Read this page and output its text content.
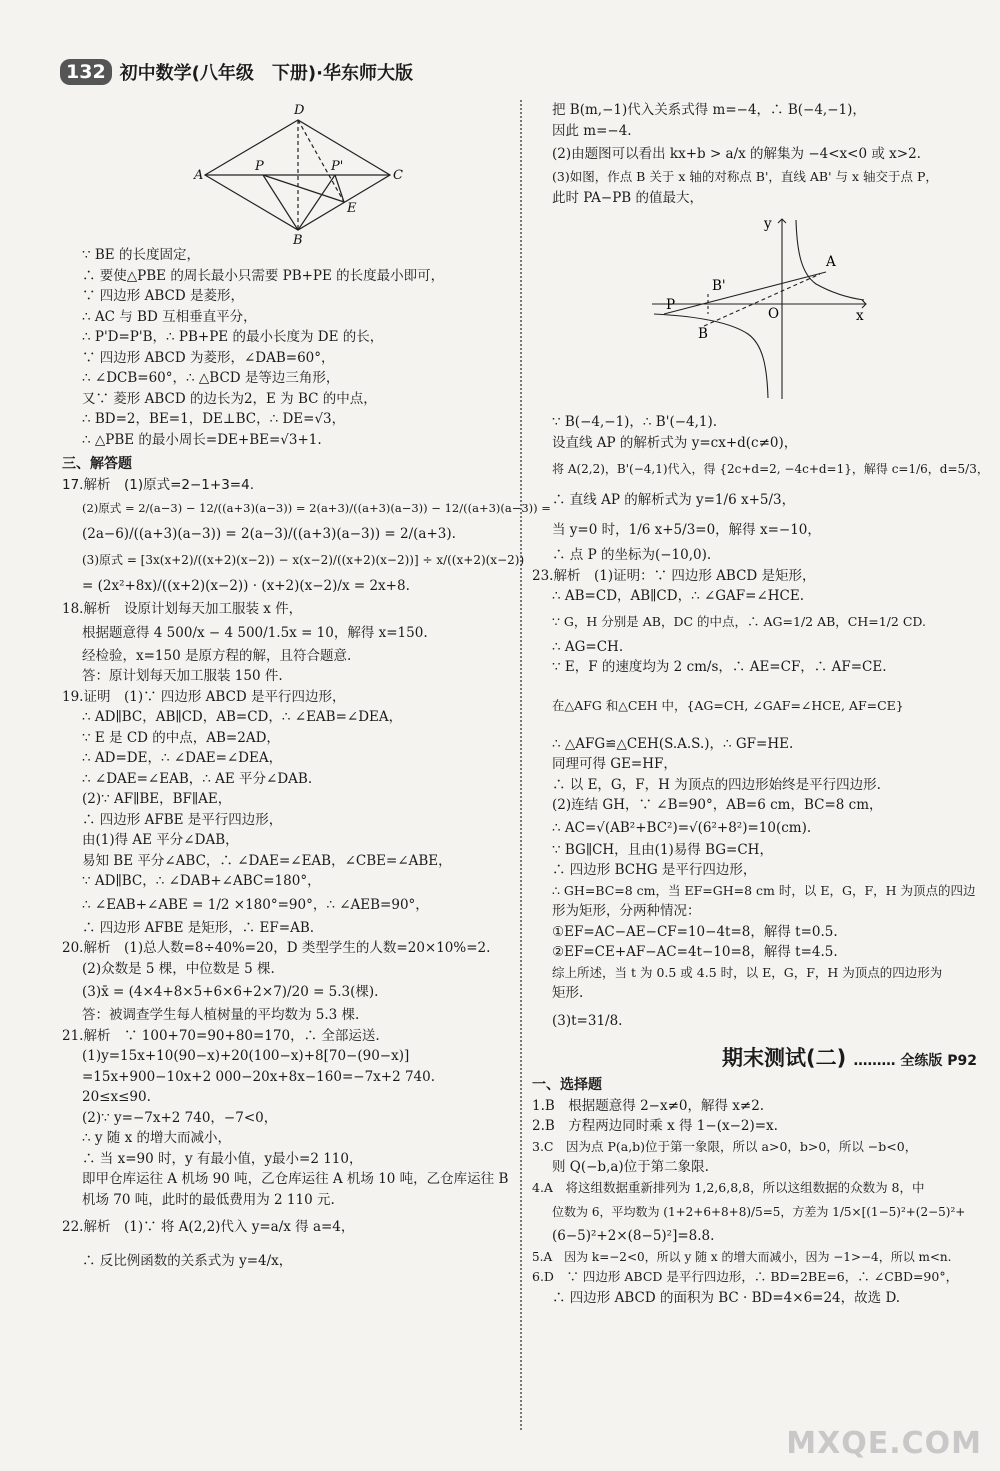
132 初中数学(八年级　下册)·华东师大版
D
A
P	P'
C
E
B
∵ BE 的长度固定，
∴ 要使△PBE 的周长最小只需要 PB+PE 的长度最小即可，
∵ 四边形 ABCD 是菱形，
∴ AC 与 BD 互相垂直平分，
∴ P'D=P'B，∴ PB+PE 的最小长度为 DE 的长，
∵ 四边形 ABCD 为菱形，∠DAB=60°，
∴ ∠DCB=60°，∴ △BCD 是等边三角形，
又∵ 菱形 ABCD 的边长为2，E 为 BC 的中点，
∴ BD=2，BE=1，DE⊥BC，∴ DE=√3，
∴ △PBE 的最小周长=DE+BE=√3+1.
三、解答题
17.解析　(1)原式=2−1+3=4.
(2)原式 = 2/(a−3) − 12/((a+3)(a−3)) = 2(a+3)/((a+3)(a−3)) − 12/((a+3)(a−3)) =
(2a−6)/((a+3)(a−3)) = 2(a−3)/((a+3)(a−3)) = 2/(a+3).
(3)原式 = [3x(x+2)/((x+2)(x−2)) − x(x−2)/((x+2)(x−2))] ÷ x/((x+2)(x−2))
= (2x²+8x)/((x+2)(x−2)) · (x+2)(x−2)/x = 2x+8.
18.解析　设原计划每天加工服装 x 件，
根据题意得 4 500/x − 4 500/1.5x = 10，解得 x=150.
经检验，x=150 是原方程的解，且符合题意.
答：原计划每天加工服装 150 件.
19.证明　(1)∵ 四边形 ABCD 是平行四边形，
∴ AD∥BC，AB∥CD，AB=CD，∴ ∠EAB=∠DEA，
∵ E 是 CD 的中点，AB=2AD，
∴ AD=DE，∴ ∠DAE=∠DEA，
∴ ∠DAE=∠EAB，∴ AE 平分∠DAB.
(2)∵ AF∥BE，BF∥AE，
∴ 四边形 AFBE 是平行四边形，
由(1)得 AE 平分∠DAB，
易知 BE 平分∠ABC，∴ ∠DAE=∠EAB，∠CBE=∠ABE，
∵ AD∥BC，∴ ∠DAB+∠ABC=180°，
∴ ∠EAB+∠ABE = 1/2 ×180°=90°，∴ ∠AEB=90°，
∴ 四边形 AFBE 是矩形，∴ EF=AB.
20.解析　(1)总人数=8÷40%=20，D 类型学生的人数=20×10%=2.
(2)众数是 5 棵，中位数是 5 棵.
(3)x̄ = (4×4+8×5+6×6+2×7)/20 = 5.3(棵).
答：被调查学生每人植树量的平均数为 5.3 棵.
21.解析　∵ 100+70=90+80=170，∴ 全部运送.
(1)y=15x+10(90−x)+20(100−x)+8[70−(90−x)]
=15x+900−10x+2 000−20x+8x−160=−7x+2 740.
20≤x≤90.
(2)∵ y=−7x+2 740，−7<0，
∴ y 随 x 的增大而减小，
∴ 当 x=90 时，y 有最小值，y最小=2 110，
即甲仓库运往 A 机场 90 吨，乙仓库运往 A 机场 10 吨，乙仓库运往 B
机场 70 吨，此时的最低费用为 2 110 元.
22.解析　(1)∵ 将 A(2,2)代入 y=a/x 得 a=4，
∴ 反比例函数的关系式为 y=4/x，
把 B(m,−1)代入关系式得 m=−4，∴ B(−4,−1)，
因此 m=−4.
(2)由题图可以看出 kx+b > a/x 的解集为 −4<x<0 或 x>2.
(3)如图，作点 B 关于 x 轴的对称点 B'，直线 AB' 与 x 轴交于点 P，
此时 PA−PB 的值最大，
y
A
B'
P
O	x
B
∵ B(−4,−1)，∴ B'(−4,1).
设直线 AP 的解析式为 y=cx+d(c≠0)，
将 A(2,2)，B'(−4,1)代入，得 {2c+d=2, −4c+d=1}，解得 c=1/6，d=5/3，
∴ 直线 AP 的解析式为 y=1/6 x+5/3，
当 y=0 时，1/6 x+5/3=0，解得 x=−10，
∴ 点 P 的坐标为(−10,0).
23.解析　(1)证明：∵ 四边形 ABCD 是矩形，
∴ AB=CD，AB∥CD，∴ ∠GAF=∠HCE.
∵ G，H 分别是 AB，DC 的中点，∴ AG=1/2 AB，CH=1/2 CD.
∴ AG=CH.
∵ E，F 的速度均为 2 cm/s，∴ AE=CF，∴ AF=CE.
在△AFG 和△CEH 中，{AG=CH, ∠GAF=∠HCE, AF=CE}
∴ △AFG≌△CEH(S.A.S.)，∴ GF=HE.
同理可得 GE=HF，
∴ 以 E，G，F，H 为顶点的四边形始终是平行四边形.
(2)连结 GH，∵ ∠B=90°，AB=6 cm，BC=8 cm，
∴ AC=√(AB²+BC²)=√(6²+8²)=10(cm).
∵ BG∥CH，且由(1)易得 BG=CH，
∴ 四边形 BCHG 是平行四边形，
∴ GH=BC=8 cm，当 EF=GH=8 cm 时，以 E，G，F，H 为顶点的四边
形为矩形，分两种情况：
①EF=AC−AE−CF=10−4t=8，解得 t=0.5.
②EF=CE+AF−AC=4t−10=8，解得 t=4.5.
综上所述，当 t 为 0.5 或 4.5 时，以 E，G，F，H 为顶点的四边形为
矩形.
(3)t=31/8.
期末测试(二) ……… 全练版 P92
一、选择题
1.B　根据题意得 2−x≠0，解得 x≠2.
2.B　方程两边同时乘 x 得 1−(x−2)=x.
3.C　因为点 P(a,b)位于第一象限，所以 a>0，b>0，所以 −b<0，
则 Q(−b,a)位于第二象限.
4.A　将这组数据重新排列为 1,2,6,8,8，所以这组数据的众数为 8，中
位数为 6，平均数为 (1+2+6+8+8)/5=5，方差为 1/5×[(1−5)²+(2−5)²+
(6−5)²+2×(8−5)²]=8.8.
5.A　因为 k=−2<0，所以 y 随 x 的增大而减小，因为 −1>−4，所以 m<n.
6.D　∵ 四边形 ABCD 是平行四边形，∴ BD=2BE=6，∴ ∠CBD=90°，
∴ 四边形 ABCD 的面积为 BC · BD=4×6=24，故选 D.
MXQE.COM
